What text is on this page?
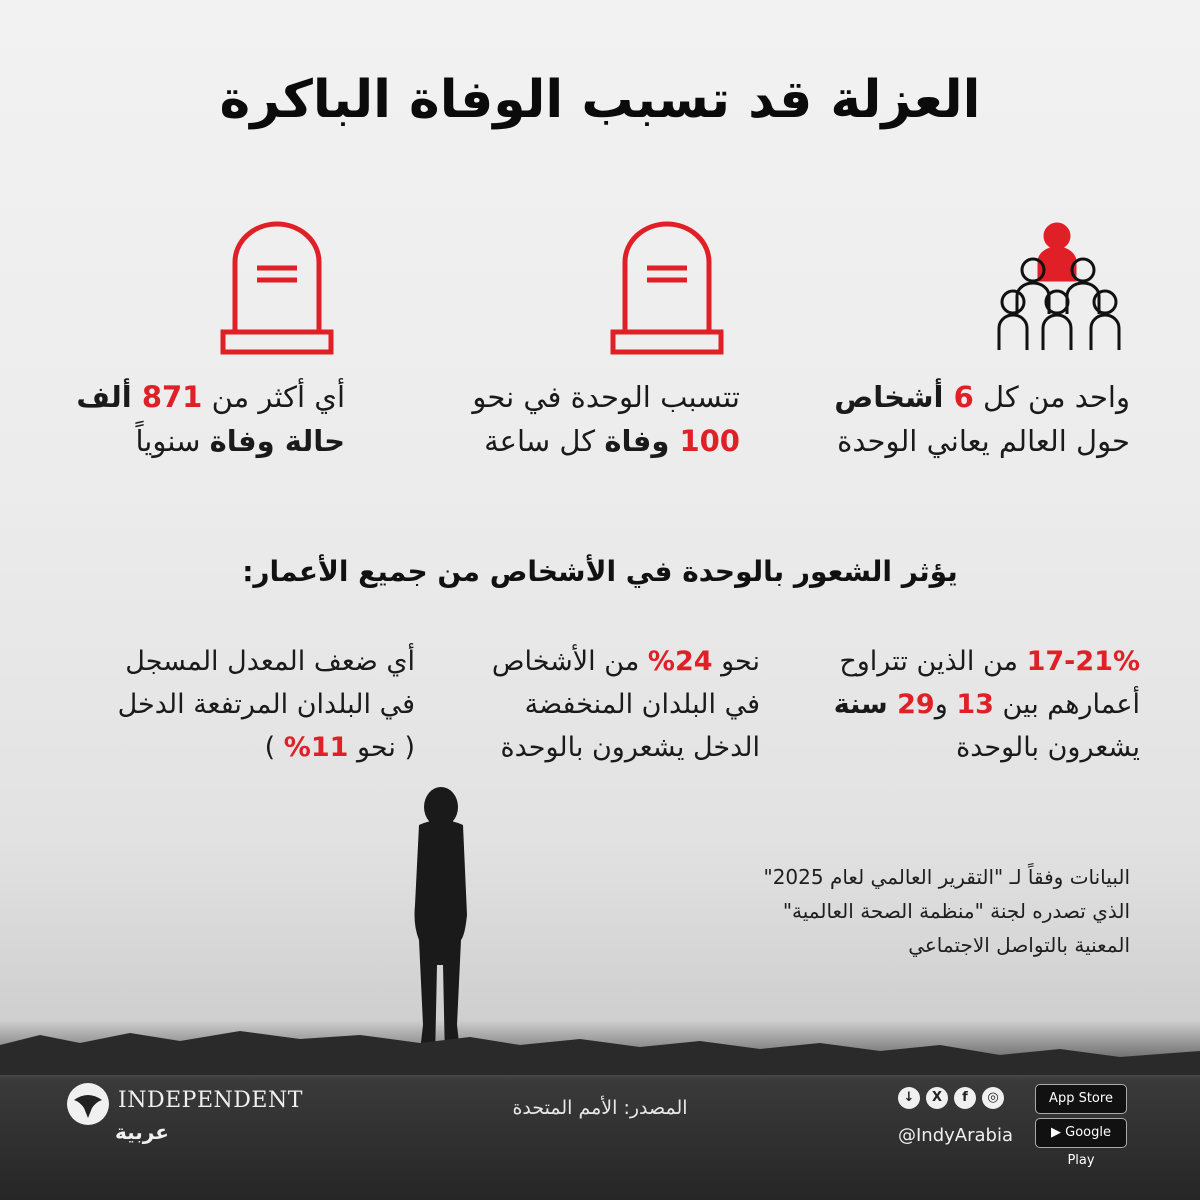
العزلة قد تسبب الوفاة الباكرة
واحد من كل 6 أشخاص
حول العالم يعاني الوحدة
تتسبب الوحدة في نحو
100 وفاة كل ساعة
أي أكثر من 871 ألف
حالة وفاة سنوياً
يؤثر الشعور بالوحدة في الأشخاص من جميع الأعمار:
17-21% من الذين تتراوح
أعمارهم بين 13 و29 سنة
يشعرون بالوحدة
نحو 24% من الأشخاص
في البلدان المنخفضة
الدخل يشعرون بالوحدة
أي ضعف المعدل المسجل
في البلدان المرتفعة الدخل
( نحو 11% )
البيانات وفقاً لـ "التقرير العالمي لعام 2025"
الذي تصدره لجنة "منظمة الصحة العالمية"
المعنية بالتواصل الاجتماعي
INDEPENDENT
عربية
المصدر: الأمم المتحدة	↓	X	f	◎
@IndyArabia
App Store
▶ Google Play
